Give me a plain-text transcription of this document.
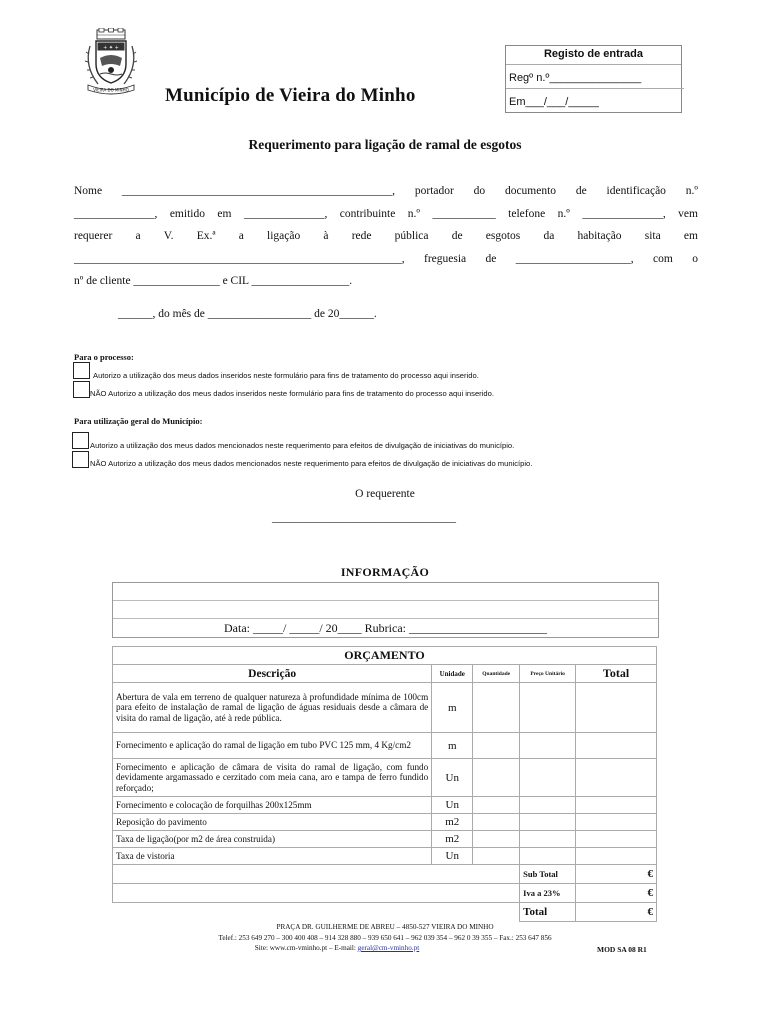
+ ✦ +
VIEIRA DO MINHO Município de Vieira do Minho
Registo de entrada
Regº n.º_______________
Em___/___/_____
Requerimento para ligação de ramal de esgotos
Nome _______________________________________________, portador do documento de identificação n.º
______________, emitido em ______________, contribuinte n.º ___________ telefone n.º ______________, vem
requerer a V. Ex.ª a ligação à rede pública de esgotos da habitação sita em
_________________________________________________________, freguesia de ____________________, com o
nº de cliente _______________ e CIL _________________.
______, do mês de __________________ de 20______.
Para o processo:
Autorizo a utilização dos meus dados inseridos neste formulário para fins de tratamento do processo aqui inserido.
NÃO Autorizo a utilização dos meus dados inseridos neste formulário para fins de tratamento do processo aqui inserido.
Para utilização geral do Município:
Autorizo a utilização dos meus dados mencionados neste requerimento para efeitos de divulgação de iniciativas do município.
NÃO Autorizo a utilização dos meus dados mencionados neste requerimento para efeitos de divulgação de iniciativas do município.
O requerente
________________________________
INFORMAÇÃO
Data: _____/ _____/ 20____ Rubrica: _______________________
ORÇAMENTO				
Descrição	Unidade	Quantidade	Preço Unitário	Total
Abertura de vala em terreno de qualquer natureza à profundidade mínima de 100cm para efeito de instalação de ramal de ligação de águas residuais desde a câmara de visita do ramal de ligação, até à rede pública.	m			
Fornecimento e aplicação do ramal de ligação em tubo PVC 125 mm, 4 Kg/cm2	m			
Fornecimento e aplicação de câmara de visita do ramal de ligação, com fundo devidamente argamassado e cerzitado com meia cana, aro e tampa de ferro fundido reforçado;	Un			
Fornecimento e colocação de forquilhas 200x125mm	Un			
Reposição do pavimento	m2			
Taxa de ligação(por m2 de área construida)	m2			
Taxa de vistoria	Un			
			Sub Total	€
			Iva a 23%	€
			Total	€
PRAÇA DR. GUILHERME DE ABREU – 4850-527 VIEIRA DO MINHO
Telef.: 253 649 270 – 300 400 408 – 914 328 880 – 939 650 641 – 962 039 354 – 962 0 39 355 – Fax.: 253 647 856
Site: www.cm-vminho.pt – E-mail: geral@cm-vminho.pt	MOD SA 08 R1
